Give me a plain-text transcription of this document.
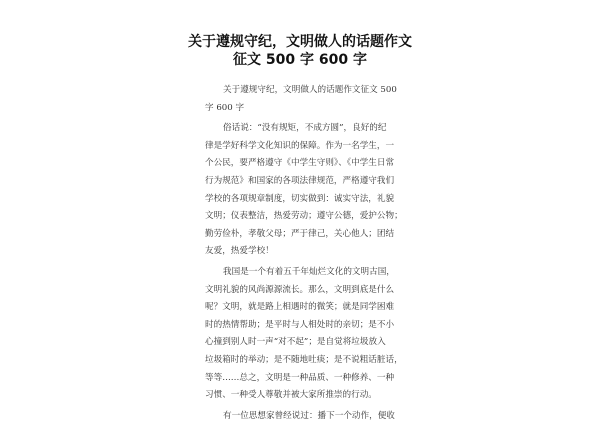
关于遵规守纪，文明做人的话题作文
征文 500 字 600 字
关于遵规守纪，文明做人的话题作文征文 500
字 600 字
俗话说：“没有规矩，不成方圆”，良好的纪
律是学好科学文化知识的保障。作为一名学生，一
个公民，要严格遵守《中学生守则》、《中学生日常
行为规范》和国家的各项法律规范，严格遵守我们
学校的各项规章制度，切实做到：诚实守法，礼貌
文明；仪表整洁，热爱劳动；遵守公德，爱护公物；
勤劳俭朴，孝敬父母；严于律己，关心他人；团结
友爱，热爱学校！
我国是一个有着五千年灿烂文化的文明古国，
文明礼貌的风尚源源流长。那么，文明到底是什么
呢？文明，就是路上相遇时的微笑；就是同学困难
时的热情帮助；是平时与人相处时的亲切；是不小
心撞到别人时一声“对不起”；是自觉将垃圾放入
垃圾箱时的举动；是不随地吐痰；是不说粗话脏话，
等等……总之，文明是一种品质、一种修养、一种
习惯、一种受人尊敬并被大家所推崇的行动。
有一位思想家曾经说过：播下一个动作，便收
